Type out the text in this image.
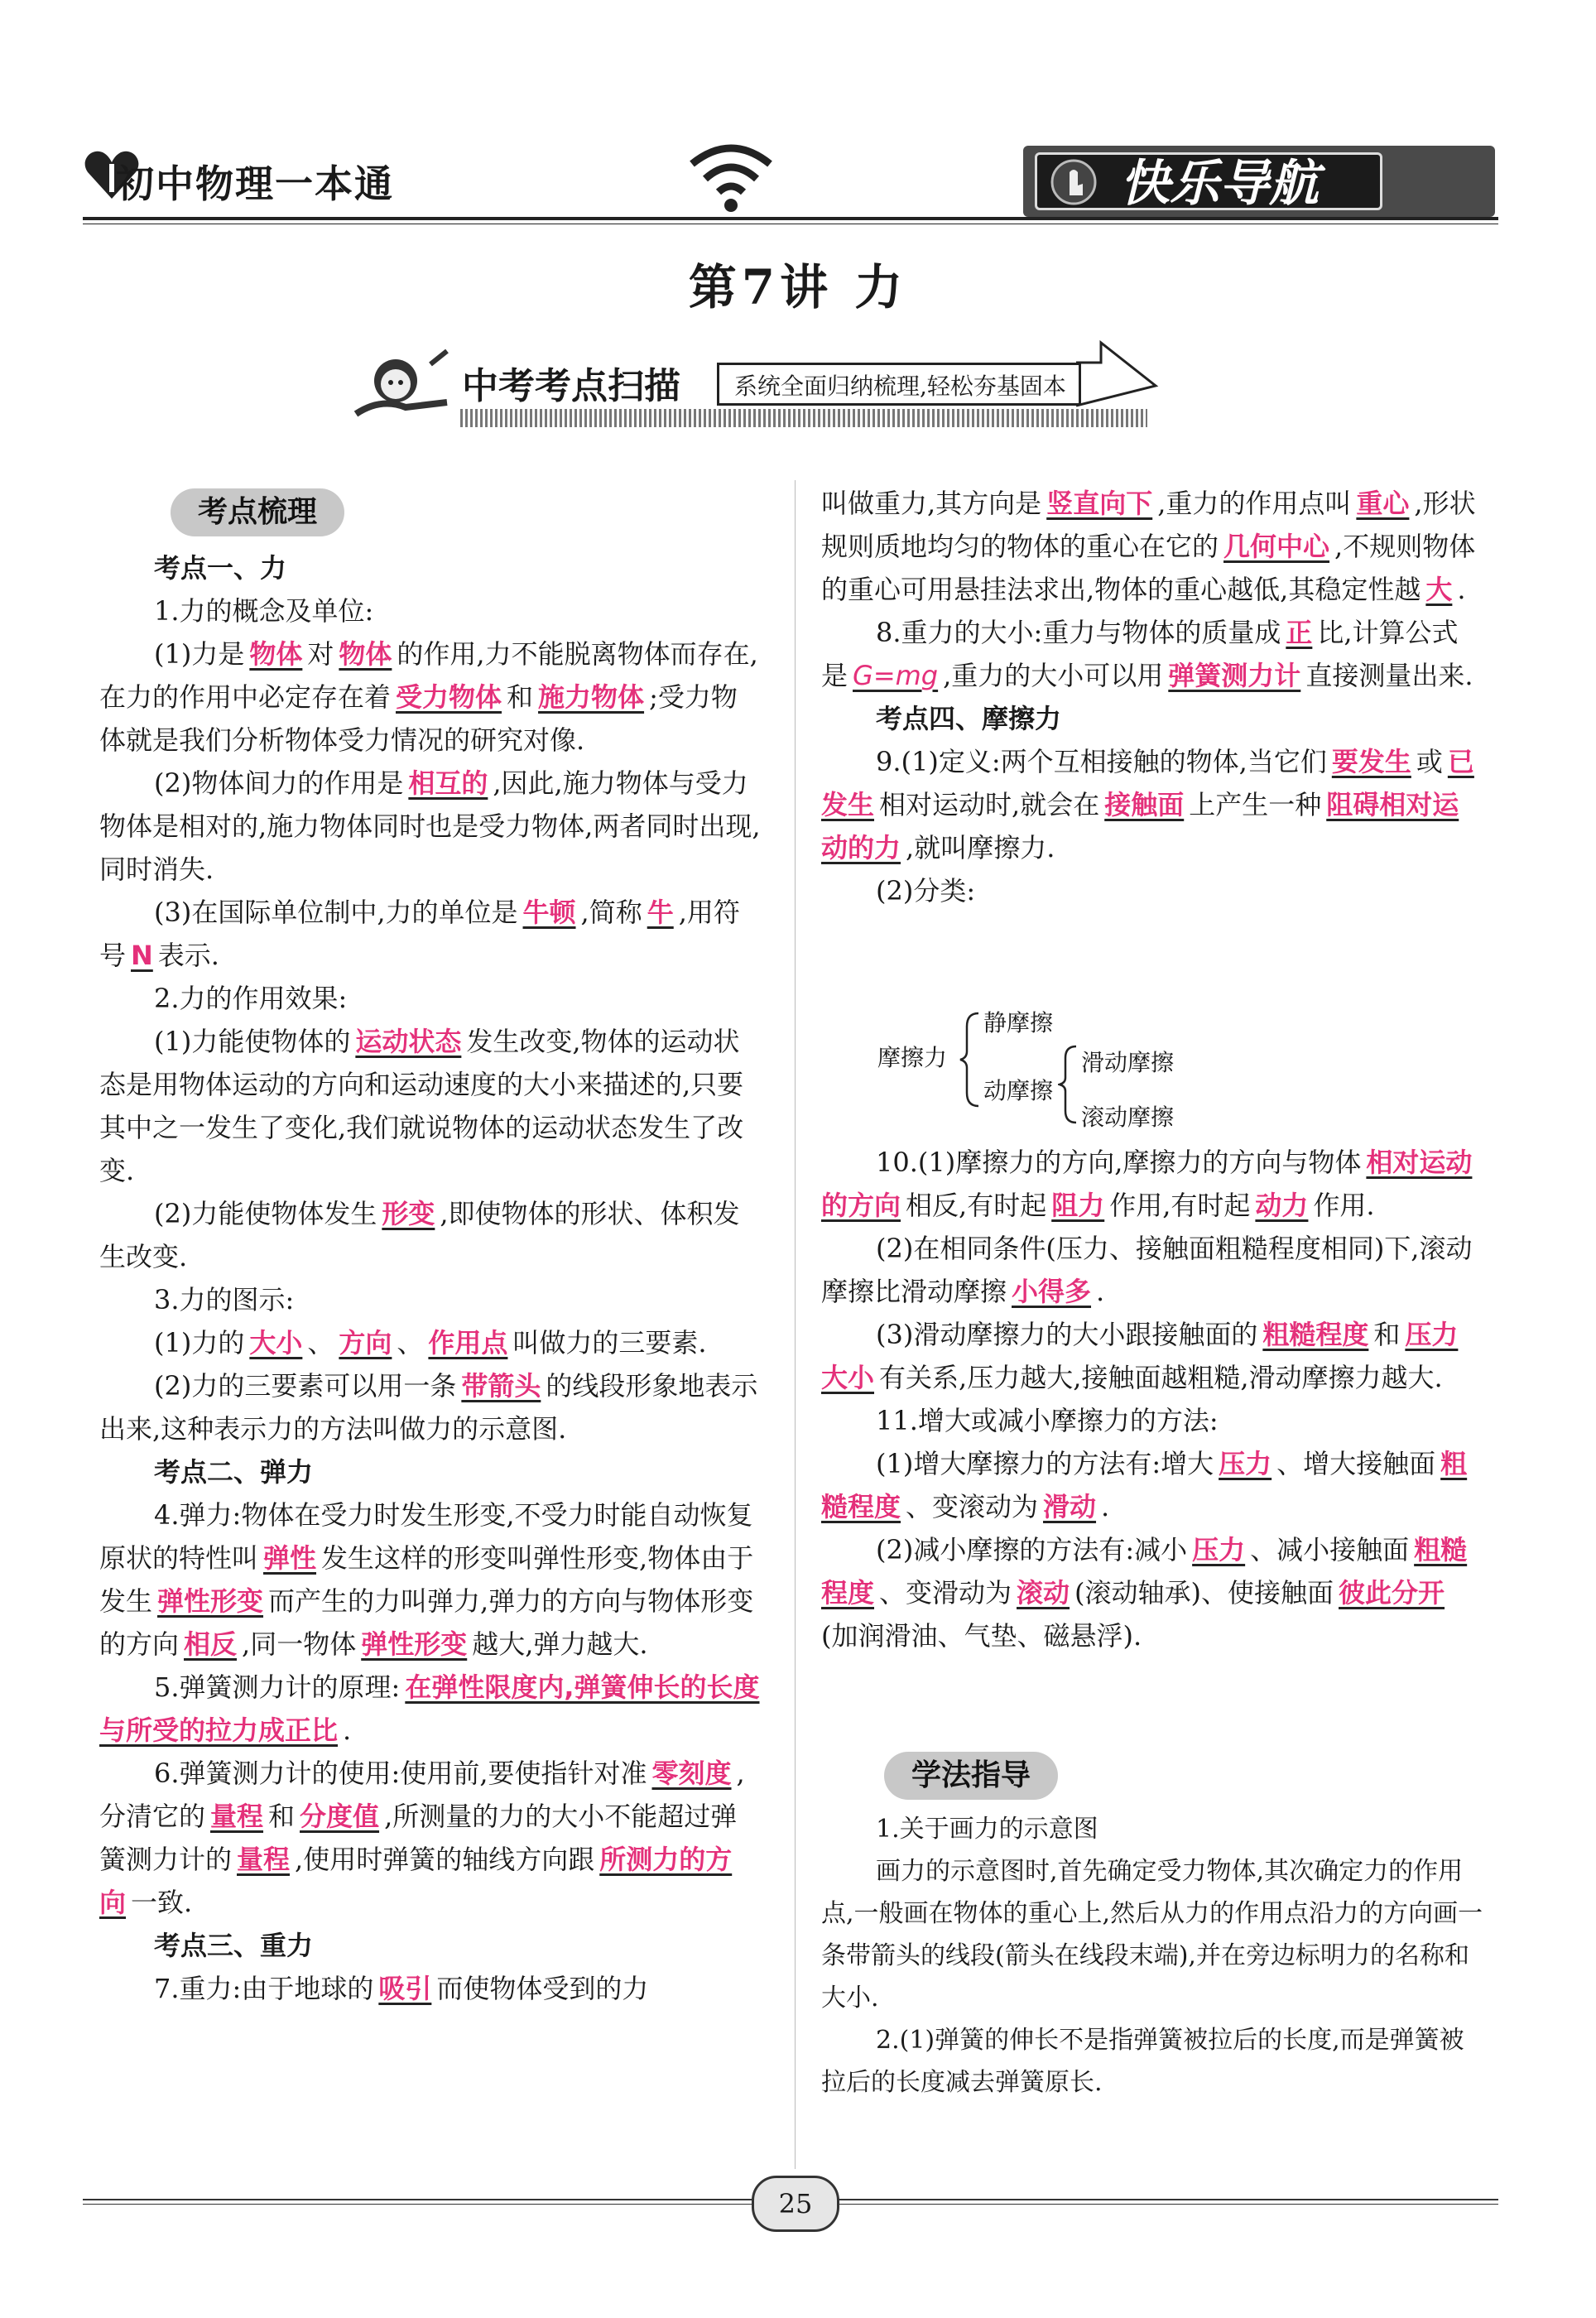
初中物理一本通	快乐导航
第7讲 力
中考考点扫描	系统全面归纳梳理,轻松夯基固本
考点梳理

考点一、力

1.力的概念及单位:

(1)力是 物体 对 物体 的作用,力不能脱离物体而存在,在力的作用中必定存在着 受力物体 和 施力物体 ;受力物体就是我们分析物体受力情况的研究对像.

(2)物体间力的作用是 相互的 ,因此,施力物体与受力物体是相对的,施力物体同时也是受力物体,两者同时出现,同时消失.

(3)在国际单位制中,力的单位是 牛顿 ,简称 牛 ,用符号 N 表示.

2.力的作用效果:

(1)力能使物体的 运动状态 发生改变,物体的运动状态是用物体运动的方向和运动速度的大小来描述的,只要其中之一发生了变化,我们就说物体的运动状态发生了改变.

(2)力能使物体发生 形变 ,即使物体的形状、体积发生改变.

3.力的图示:

(1)力的 大小 、 方向 、 作用点 叫做力的三要素.

(2)力的三要素可以用一条 带箭头 的线段形象地表示出来,这种表示力的方法叫做力的示意图.

考点二、弹力

4.弹力:物体在受力时发生形变,不受力时能自动恢复原状的特性叫 弹性 发生这样的形变叫弹性形变,物体由于发生 弹性形变 而产生的力叫弹力,弹力的方向与物体形变的方向 相反 ,同一物体 弹性形变 越大,弹力越大.

5.弹簧测力计的原理: 在弹性限度内,弹簧伸长的长度与所受的拉力成正比 .

6.弹簧测力计的使用:使用前,要使指针对准 零刻度 ,分清它的 量程 和 分度值 ,所测量的力的大小不能超过弹簧测力计的 量程 ,使用时弹簧的轴线方向跟 所测力的方向 一致.

考点三、重力

7.重力:由于地球的 吸引 而使物体受到的力

叫做重力,其方向是 竖直向下 ,重力的作用点叫 重心 ,形状规则质地均匀的物体的重心在它的 几何中心 ,不规则物体的重心可用悬挂法求出,物体的重心越低,其稳定性越 大 .

8.重力的大小:重力与物体的质量成 正 比,计算公式是 G=mg ,重力的大小可以用 弹簧测力计 直接测量出来.

考点四、摩擦力

9.(1)定义:两个互相接触的物体,当它们 要发生 或 已发生 相对运动时,就会在 接触面 上产生一种 阻碍相对运动的力 ,就叫摩擦力.

(2)分类:

摩擦力
静摩擦
动摩擦
滑动摩擦
滚动摩擦

10.(1)摩擦力的方向,摩擦力的方向与物体 相对运动的方向 相反,有时起 阻力 作用,有时起 动力 作用.

(2)在相同条件(压力、接触面粗糙程度相同)下,滚动摩擦比滑动摩擦 小得多 .

(3)滑动摩擦力的大小跟接触面的 粗糙程度 和 压力大小 有关系,压力越大,接触面越粗糙,滑动摩擦力越大.

11.增大或减小摩擦力的方法:

(1)增大摩擦力的方法有:增大 压力 、增大接触面 粗糙程度 、变滚动为 滑动 .

(2)减小摩擦的方法有:减小 压力 、减小接触面 粗糙程度 、变滑动为 滚动 (滚动轴承)、使接触面 彼此分开(加润滑油、气垫、磁悬浮).

学法指导

1.关于画力的示意图

画力的示意图时,首先确定受力物体,其次确定力的作用点,一般画在物体的重心上,然后从力的作用点沿力的方向画一条带箭头的线段(箭头在线段末端),并在旁边标明力的名称和大小.

2.(1)弹簧的伸长不是指弹簧被拉后的长度,而是弹簧被拉后的长度减去弹簧原长.

25
